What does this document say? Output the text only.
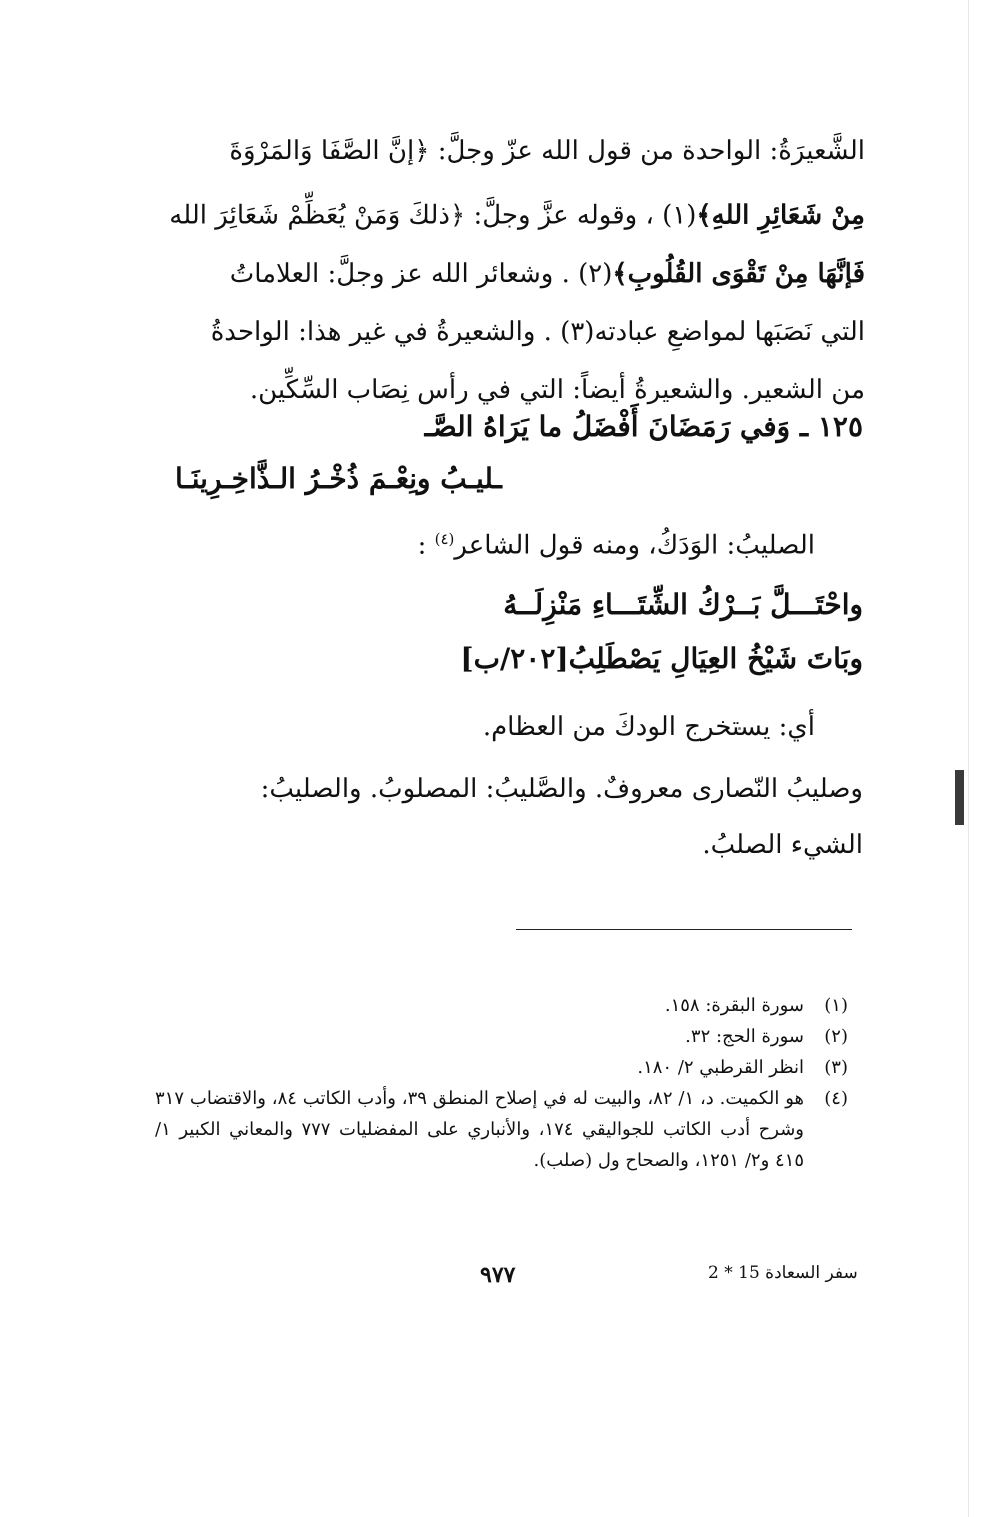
الشَّعيرَةُ: الواحدة من قول الله عزّ وجلَّ: ﴿إنَّ الصَّفَا وَالمَرْوَةَ

مِنْ شَعَائِرِ اللهِ﴾(١) ، وقوله عزَّ وجلَّ: ﴿ذلكَ وَمَنْ يُعَظِّمْ شَعَائِرَ الله

فَإنَّهَا مِنْ تَقْوَى القُلُوبِ﴾(٢) . وشعائر الله عز وجلَّ: العلاماتُ

التي نَصَبَها لمواضعِ عبادته(٣) . والشعيرةُ في غير هذا: الواحدةُ

من الشعير. والشعيرةُ أيضاً: التي في رأس نِصَاب السِّكِّين.

١٢٥ ـ وَفي رَمَضَانَ أَفْضَلُ ما يَرَاهُ الصَّـ
ـليـبُ ونِعْـمَ ذُخْـرُ الـذَّاخِـرِينَـا
الصليبُ: الوَدَكُ، ومنه قول الشاعر$^{(٤)}$ :
واحْتَـــلَّ بَــرْكُ الشِّتَـــاءِ مَنْزِلَــهُ
وبَاتَ شَيْخُ العِيَالِ يَصْطَلِبُ[٢٠٢/ب]
أي: يستخرج الودكَ من العظام.
وصليبُ النّصارى معروفٌ. والصَّليبُ: المصلوبُ. والصليبُ:
الشيء الصلبُ.
(١)
سورة البقرة: ١٥٨.
(٢)
سورة الحج: ٣٢.
(٣)
انظر القرطبي ٢/ ١٨٠.
(٤)
هو الكميت. د، ١/ ٨٢، والبيت له في إصلاح المنطق ٣٩، وأدب الكاتب ٨٤، والاقتضاب ٣١٧ وشرح أدب الكاتب للجواليقي ١٧٤، والأنباري على المفضليات ٧٧٧ والمعاني الكبير ١/ ٤١٥ و٢/ ١٢٥١، والصحاح ول (صلب).
٩٧٧	سفر السعادة 15 * 2
